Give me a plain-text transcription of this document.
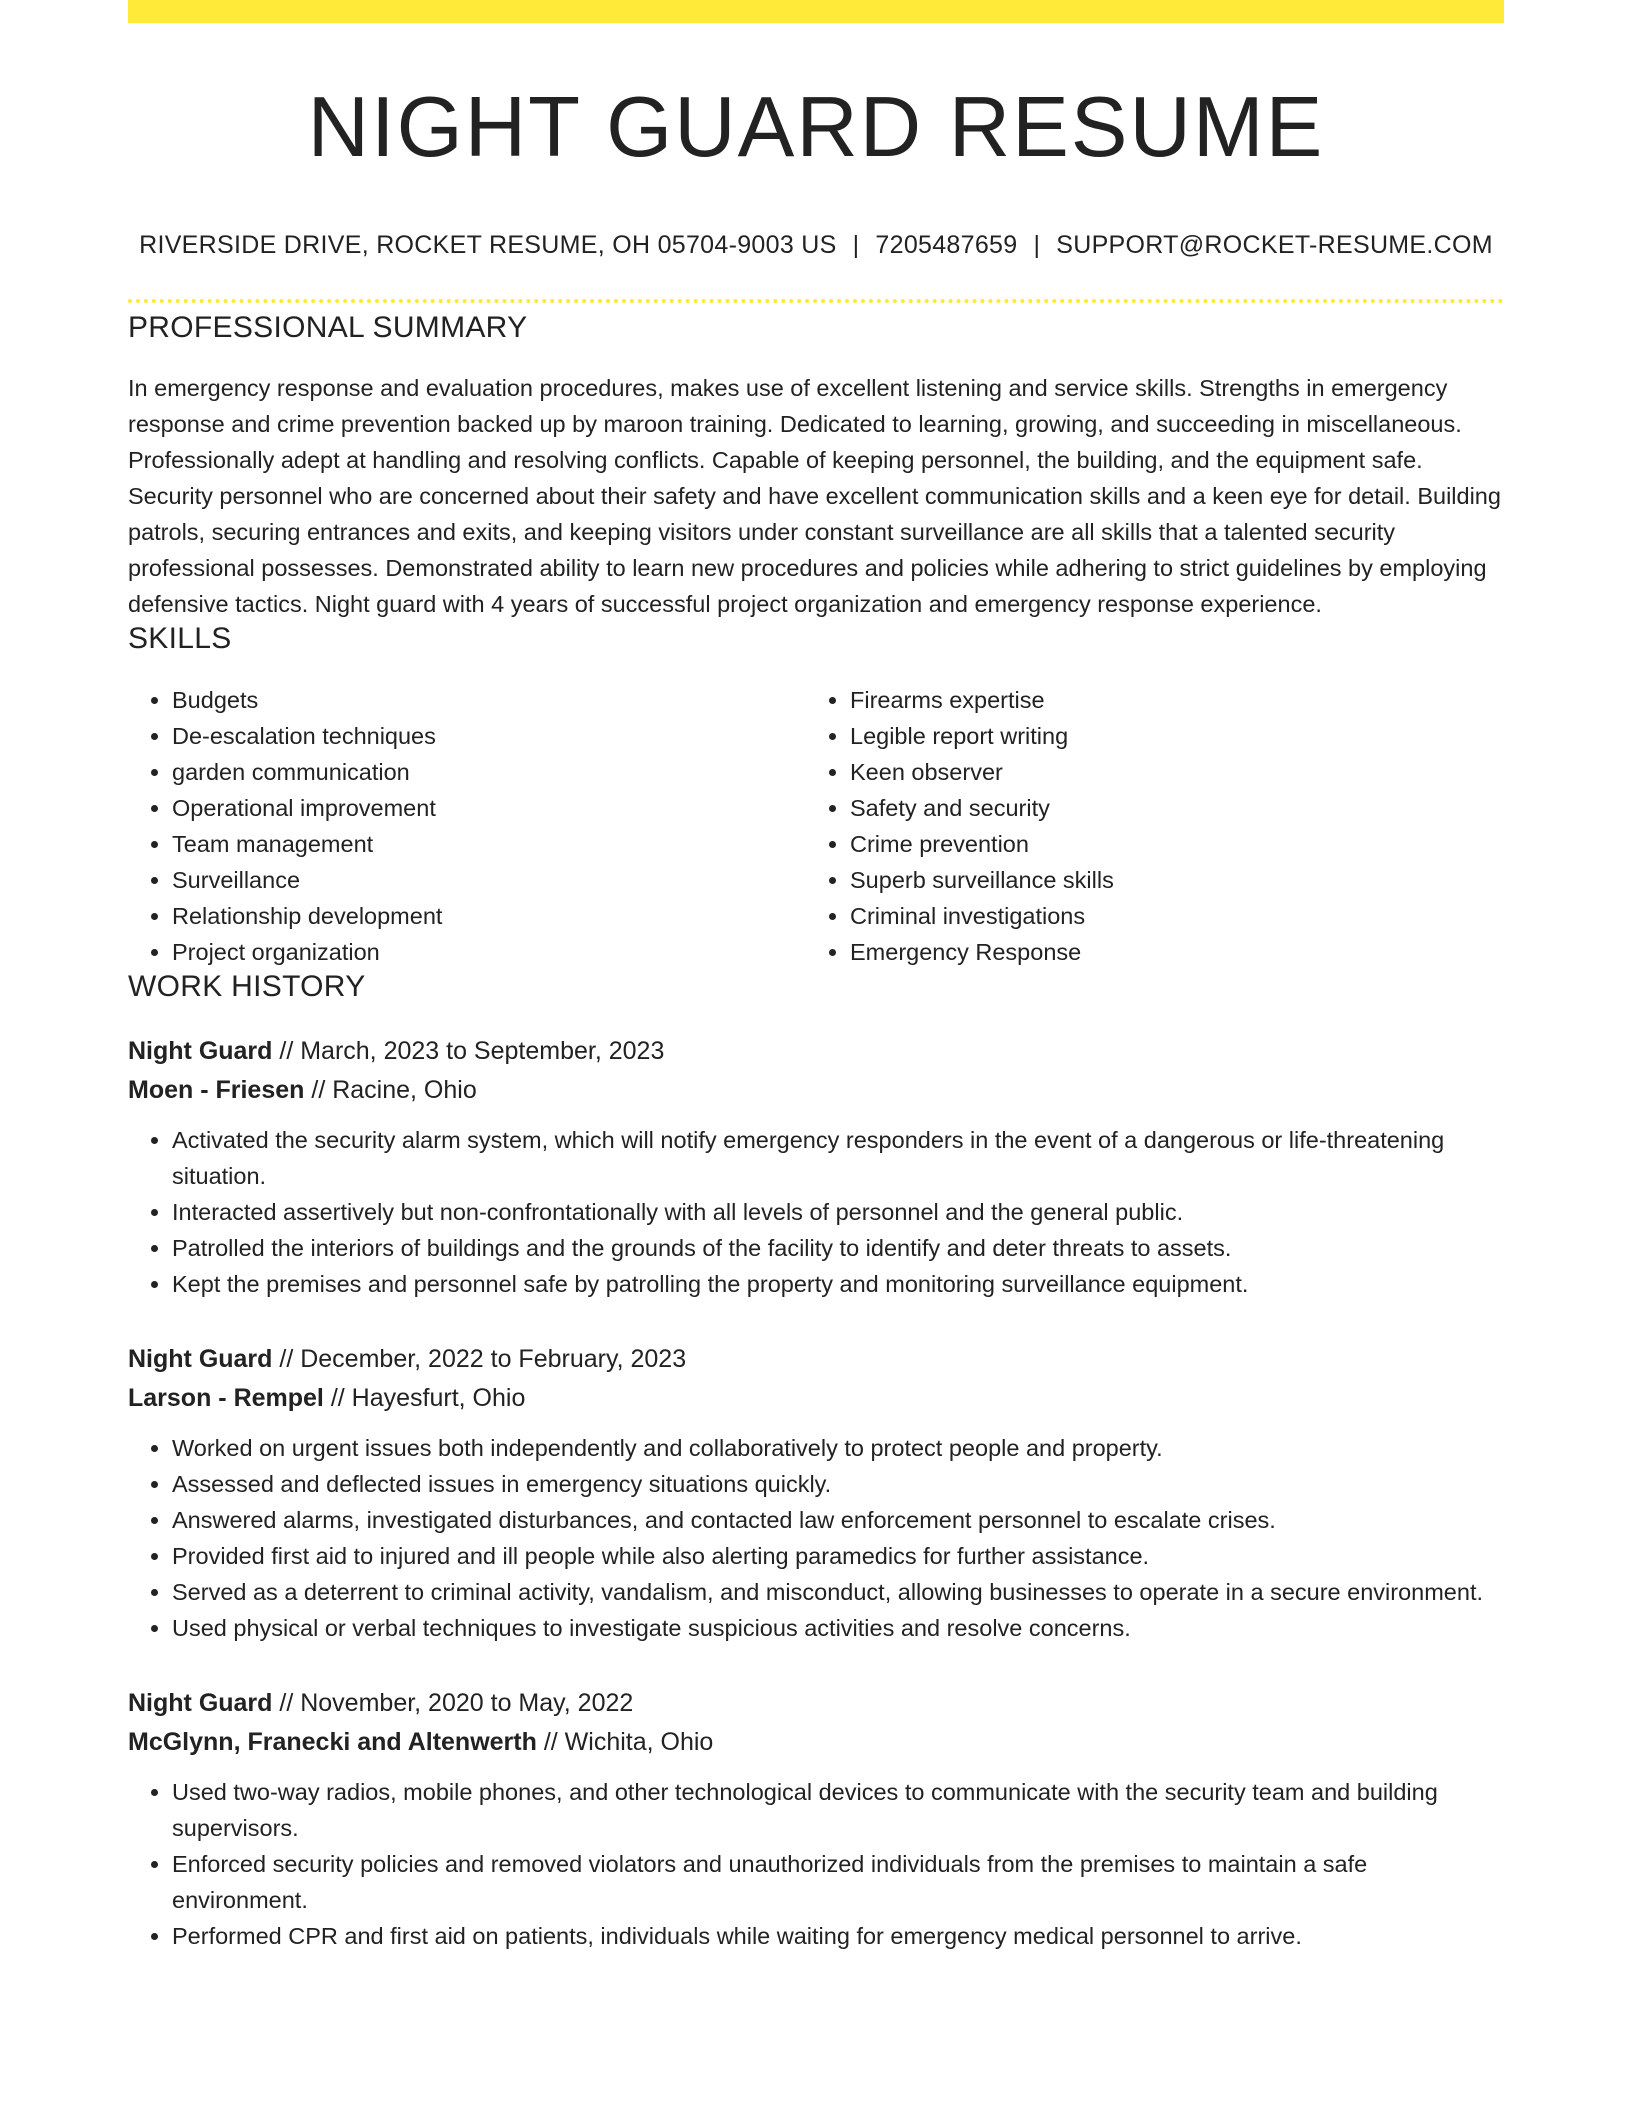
NIGHT GUARD RESUME
RIVERSIDE DRIVE, ROCKET RESUME, OH 05704-9003 US | 7205487659 | SUPPORT@ROCKET-RESUME.COM
PROFESSIONAL SUMMARY

In emergency response and evaluation procedures, makes use of excellent listening and service skills. Strengths in emergency response and crime prevention backed up by maroon training. Dedicated to learning, growing, and succeeding in miscellaneous. Professionally adept at handling and resolving conflicts. Capable of keeping personnel, the building, and the equipment safe. Security personnel who are concerned about their safety and have excellent communication skills and a keen eye for detail. Building patrols, securing entrances and exits, and keeping visitors under constant surveillance are all skills that a talented security professional possesses. Demonstrated ability to learn new procedures and policies while adhering to strict guidelines by employing defensive tactics. Night guard with 4 years of successful project organization and emergency response experience.

SKILLS
• Budgets
• De-escalation techniques
• garden communication
• Operational improvement
• Team management
• Surveillance
• Relationship development
• Project organization
• Firearms expertise
• Legible report writing
• Keen observer
• Safety and security
• Crime prevention
• Superb surveillance skills
• Criminal investigations
• Emergency Response
WORK HISTORY
Night Guard // March, 2023 to September, 2023
Moen - Friesen // Racine, Ohio
• Activated the security alarm system, which will notify emergency responders in the event of a dangerous or life-threatening situation.
• Interacted assertively but non-confrontationally with all levels of personnel and the general public.
• Patrolled the interiors of buildings and the grounds of the facility to identify and deter threats to assets.
• Kept the premises and personnel safe by patrolling the property and monitoring surveillance equipment.
Night Guard // December, 2022 to February, 2023
Larson - Rempel // Hayesfurt, Ohio
• Worked on urgent issues both independently and collaboratively to protect people and property.
• Assessed and deflected issues in emergency situations quickly.
• Answered alarms, investigated disturbances, and contacted law enforcement personnel to escalate crises.
• Provided first aid to injured and ill people while also alerting paramedics for further assistance.
• Served as a deterrent to criminal activity, vandalism, and misconduct, allowing businesses to operate in a secure environment.
• Used physical or verbal techniques to investigate suspicious activities and resolve concerns.
Night Guard // November, 2020 to May, 2022
McGlynn, Franecki and Altenwerth // Wichita, Ohio
• Used two-way radios, mobile phones, and other technological devices to communicate with the security team and building supervisors.
• Enforced security policies and removed violators and unauthorized individuals from the premises to maintain a safe environment.
• Performed CPR and first aid on patients, individuals while waiting for emergency medical personnel to arrive.
